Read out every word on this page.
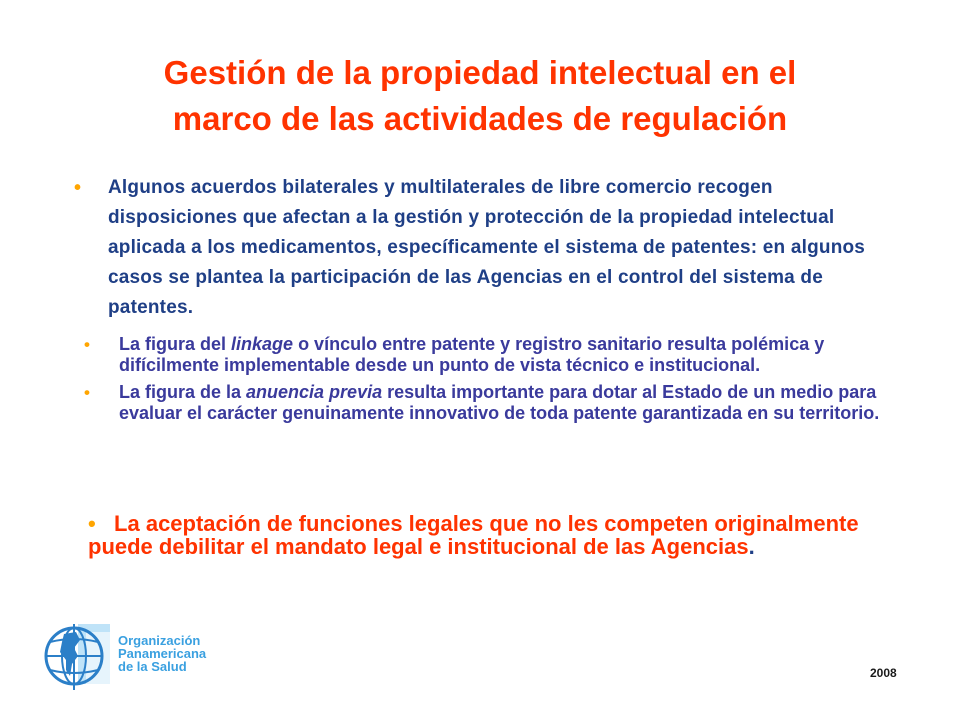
Gestión de la propiedad intelectual en el
marco de las actividades de regulación
•	Algunos acuerdos bilaterales y multilaterales de libre comercio recogen disposiciones que afectan a la gestión y protección de la propiedad intelectual aplicada a los medicamentos, específicamente el sistema de patentes: en algunos casos se plantea la participación de las Agencias en el control del sistema de patentes.
•	La figura del linkage o vínculo entre patente y registro sanitario resulta polémica y difícilmente implementable desde un punto de vista técnico e institucional.
•	La figura de la anuencia previa resulta importante para dotar al Estado de un medio para evaluar el carácter genuinamente innovativo de toda patente garantizada en su territorio.
• La aceptación de funciones legales que no les competen originalmente puede debilitar el mandato legal e institucional de las Agencias.
Organización
Panamericana
de la Salud	2008
